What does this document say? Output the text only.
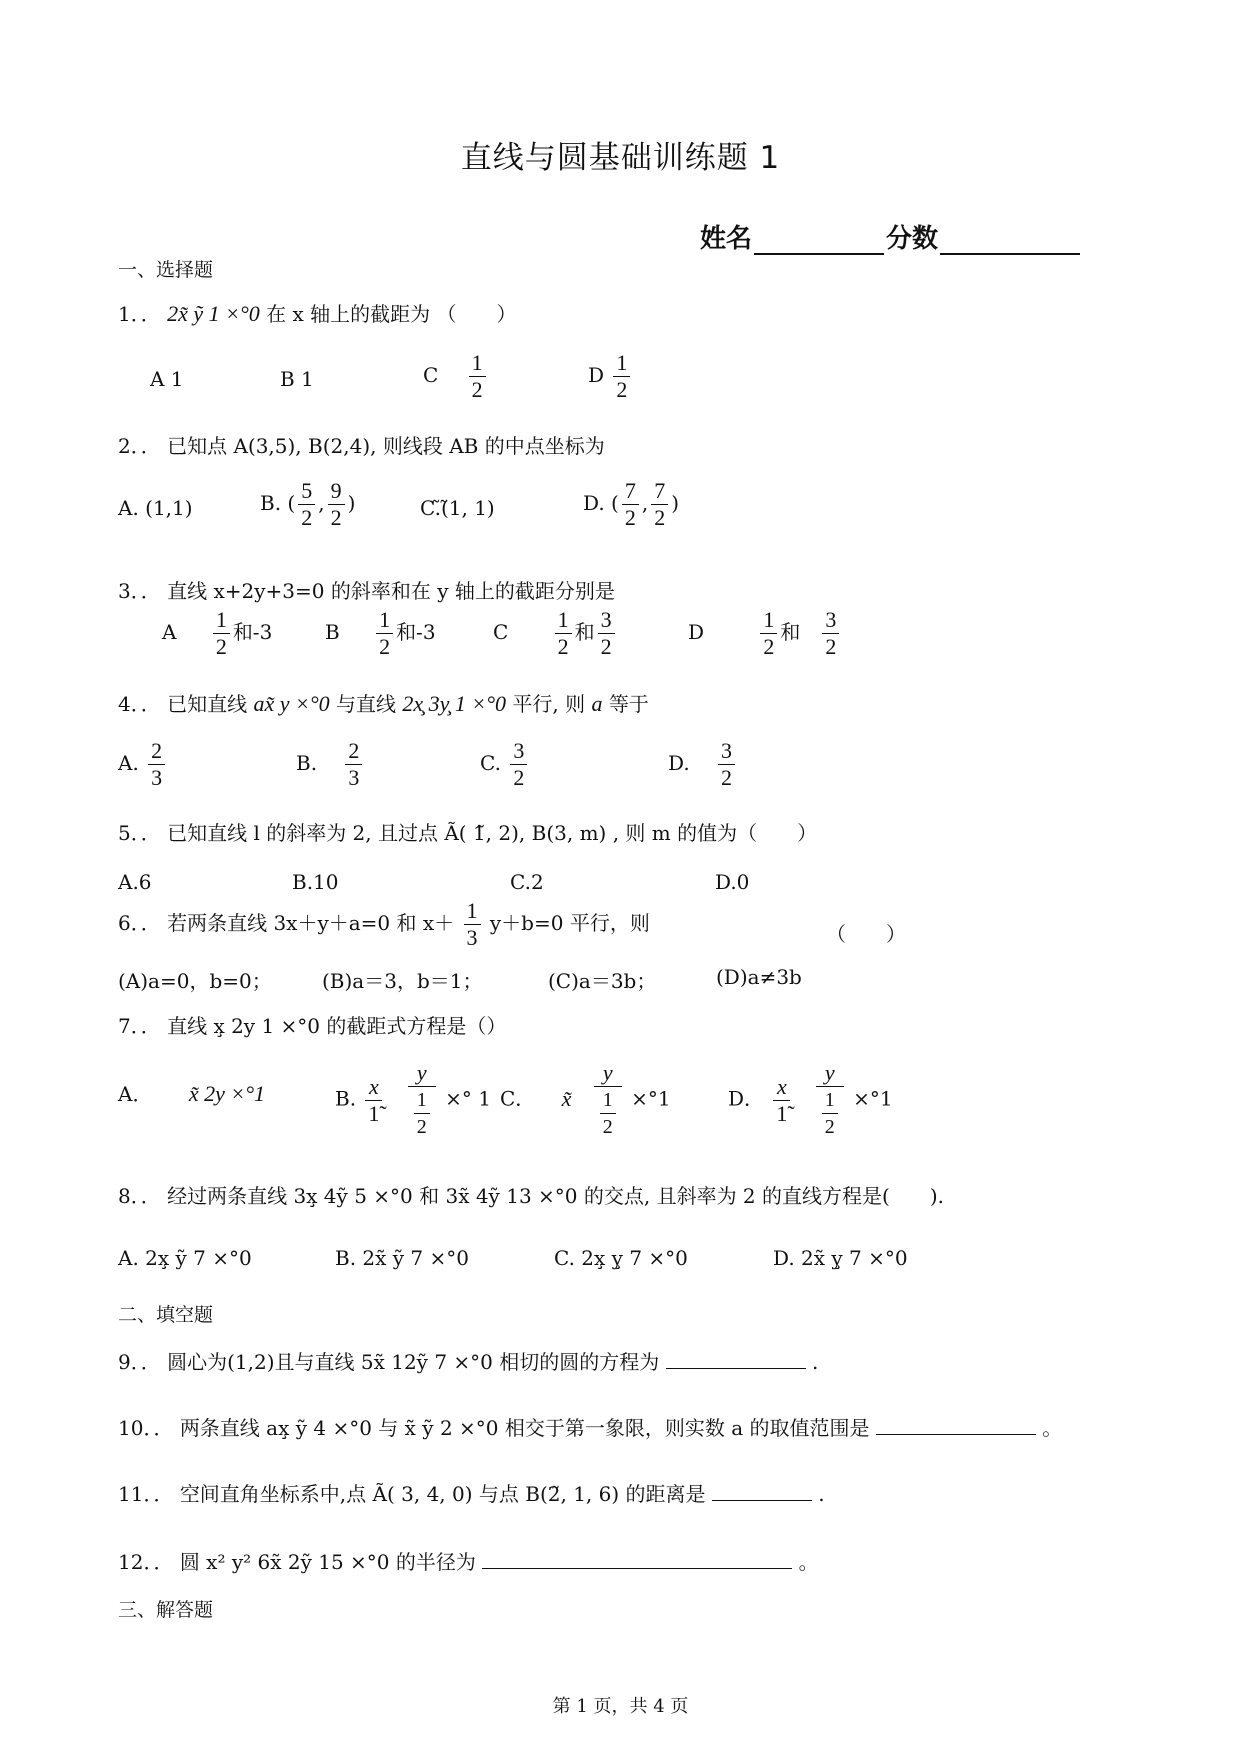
直线与圆基础训练题 1
姓名	分数
一、选择题
1．． 2x̃ ỹ 1 ×°0 在 x 轴上的截距为 （　　）
A 1	B 1	C $\frac{1}{2}$	D $\frac{1}{2}$
2．． 已知点 A(3,5), B(2,4), 则线段 AB 的中点坐标为
A. (1,1)	B. ( $\frac{5}{2}$ , $\frac{9}{2}$ )	C.̃(̃1, 1)	D. ( $\frac{7}{2}$ , $\frac{7}{2}$ )
3．． 直线 x+2y+3=0 的斜率和在 y 轴上的截距分别是
A $\frac{1}{2}$ 和-3	B $\frac{1}{2}$ 和-3	C $\frac{1}{2}$ 和 $\frac{3}{2}$	D	$\frac{1}{2}$ 和 $\frac{3}{2}$
4．． 已知直线 ax̃ y ×°0 与直线 2x̧ 3y̧ 1 ×°0 平行, 则 a 等于
A. $\frac{2}{3}$	B. $\frac{2}{3}$	C. $\frac{3}{2}$	D. $\frac{3}{2}$
5．． 已知直线 l 的斜率为 2, 且过点 Ã( 1̃, 2), B(3, m) , 则 m 的值为（　　）
A.6	B.10	C.2	D.0
6．． 若两条直线 3x＋y＋a=0 和 $x+ \frac{1}{3} y+b=0$ 平行，则	（　　）
(A)a=0，b=0；	(B)a＝3，b＝1；	(C)a＝3b；	(D)a≠3b
7．． 直线 x̧ 2y 1 ×°0 的截距式方程是（）
A． x̃ 2y ×°1	B. $\frac{x}{1̃}$
$\frac{y}{\frac{1}{2}}$ ×° 1 C． x̃ $\frac{y}{\frac{1}{2}} \times^\circ 1$	D． $\frac{x}{1̃}$
$\frac{y}{\frac{1}{2}} \times^\circ 1$
8．． 经过两条直线 3x̧ 4ỹ 5 ×°0 和 3x̃ 4ỹ 13 ×°0 的交点, 且斜率为 2 的直线方程是(　　).
A. 2x̧ ỹ 7 ×°0	B. 2x̃ ỹ 7 ×°0	C. 2x̧ y̧ 7 ×°0	D. 2x̃ y̧ 7 ×°0
二、填空题
9．． 圆心为(1,2)且与直线 5x̃ 12ỹ 7 ×°0 相切的圆的方程为	.
10．． 两条直线 ax̧ ỹ 4 ×°0 与 x̃ ỹ 2 ×°0 相交于第一象限，则实数 a 的取值范围是	。
11．． 空间直角坐标系中,点 Ã( 3, 4, 0) 与点 B(2̃, 1, 6) 的距离是	.
12．． 圆 x² y² 6x̃ 2ỹ 15 ×°0 的半径为	。
三、解答题
第 1 页，共 4 页
